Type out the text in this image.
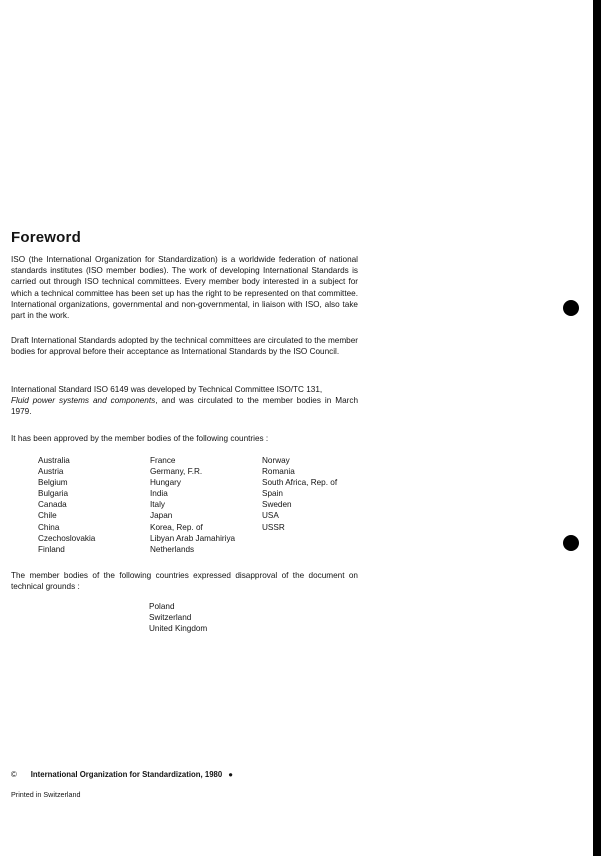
Foreword

ISO (the International Organization for Standardization) is a worldwide federation of national standards institutes (ISO member bodies). The work of developing International Standards is carried out through ISO technical committees. Every member body interested in a subject for which a technical committee has been set up has the right to be represented on that committee. International organizations, governmental and non-governmental, in liaison with ISO, also take part in the work.

Draft International Standards adopted by the technical committees are circulated to the member bodies for approval before their acceptance as International Standards by the ISO Council.

International Standard ISO 6149 was developed by Technical Committee ISO/TC 131,
Fluid power systems and components, and was circulated to the member bodies in March 1979.

It has been approved by the member bodies of the following countries :

Australia
Austria
Belgium
Bulgaria
Canada
Chile
China
Czechoslovakia
Finland
France
Germany, F.R.
Hungary
India
Italy
Japan
Korea, Rep. of
Libyan Arab Jamahiriya
Netherlands
Norway
Romania
South Africa, Rep. of
Spain
Sweden
USA
USSR

The member bodies of the following countries expressed disapproval of the document on technical grounds :

Poland
Switzerland
United Kingdom
© International Organization for Standardization, 1980 ●
Printed in Switzerland
